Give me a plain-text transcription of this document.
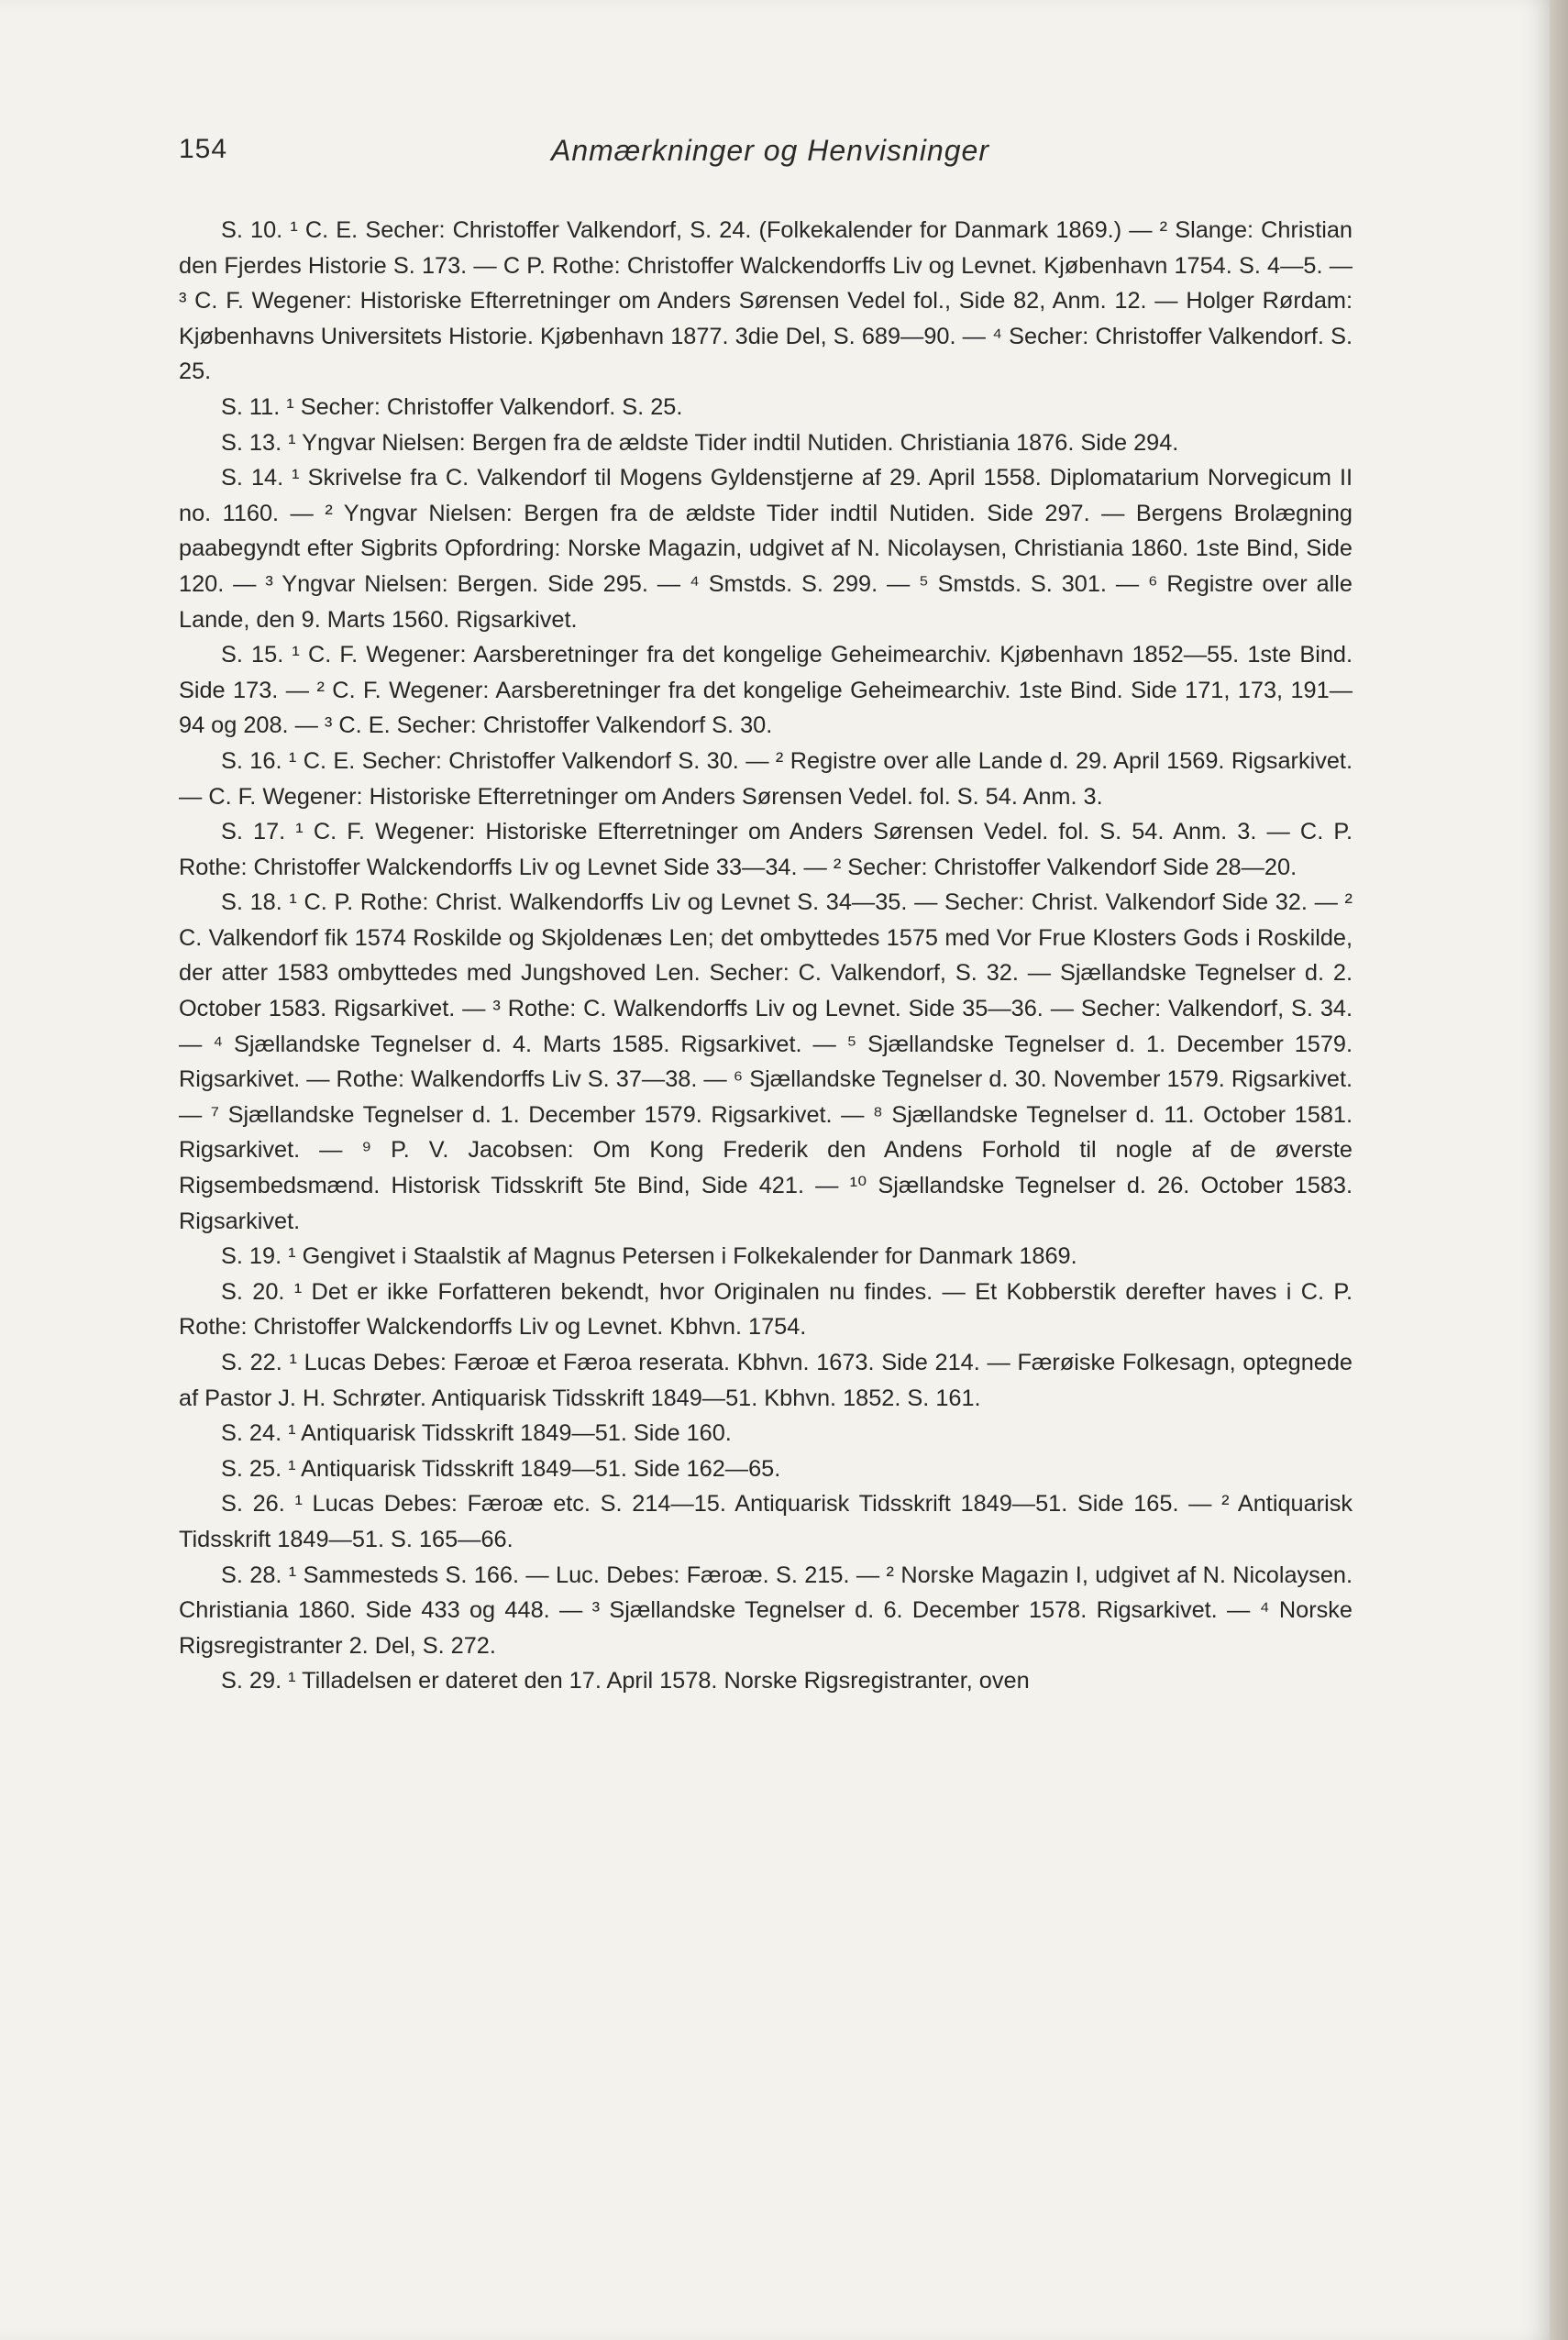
154	Anmærkninger og Henvisninger

S. 10. ¹ C. E. Secher: Christoffer Valkendorf, S. 24. (Folkekalender for Danmark 1869.) — ² Slange: Christian den Fjerdes Historie S. 173. — C P. Rothe: Christoffer Walckendorffs Liv og Levnet. Kjøbenhavn 1754. S. 4—5. — ³ C. F. Wegener: Historiske Efterretninger om Anders Sørensen Vedel fol., Side 82, Anm. 12. — Holger Rørdam: Kjøbenhavns Universitets Historie. Kjøbenhavn 1877. 3die Del, S. 689—90. — ⁴ Secher: Christoffer Valkendorf. S. 25.

S. 11. ¹ Secher: Christoffer Valkendorf. S. 25.

S. 13. ¹ Yngvar Nielsen: Bergen fra de ældste Tider indtil Nutiden. Christiania 1876. Side 294.

S. 14. ¹ Skrivelse fra C. Valkendorf til Mogens Gyldenstjerne af 29. April 1558. Diplomatarium Norvegicum II no. 1160. — ² Yngvar Nielsen: Bergen fra de ældste Tider indtil Nutiden. Side 297. — Bergens Brolægning paabegyndt efter Sigbrits Opfordring: Norske Magazin, udgivet af N. Nicolaysen, Christiania 1860. 1ste Bind, Side 120. — ³ Yngvar Nielsen: Bergen. Side 295. — ⁴ Smstds. S. 299. — ⁵ Smstds. S. 301. — ⁶ Registre over alle Lande, den 9. Marts 1560. Rigsarkivet.

S. 15. ¹ C. F. Wegener: Aarsberetninger fra det kongelige Geheimearchiv. Kjøbenhavn 1852—55. 1ste Bind. Side 173. — ² C. F. Wegener: Aarsberetninger fra det kongelige Geheimearchiv. 1ste Bind. Side 171, 173, 191—94 og 208. — ³ C. E. Secher: Christoffer Valkendorf S. 30.

S. 16. ¹ C. E. Secher: Christoffer Valkendorf S. 30. — ² Registre over alle Lande d. 29. April 1569. Rigsarkivet. — C. F. Wegener: Historiske Efterretninger om Anders Sørensen Vedel. fol. S. 54. Anm. 3.

S. 17. ¹ C. F. Wegener: Historiske Efterretninger om Anders Sørensen Vedel. fol. S. 54. Anm. 3. — C. P. Rothe: Christoffer Walckendorffs Liv og Levnet Side 33—34. — ² Secher: Christoffer Valkendorf Side 28—20.

S. 18. ¹ C. P. Rothe: Christ. Walkendorffs Liv og Levnet S. 34—35. — Secher: Christ. Valkendorf Side 32. — ² C. Valkendorf fik 1574 Roskilde og Skjoldenæs Len; det ombyttedes 1575 med Vor Frue Klosters Gods i Roskilde, der atter 1583 ombyttedes med Jungshoved Len. Secher: C. Valkendorf, S. 32. — Sjællandske Tegnelser d. 2. October 1583. Rigsarkivet. — ³ Rothe: C. Walkendorffs Liv og Levnet. Side 35—36. — Secher: Valkendorf, S. 34. — ⁴ Sjællandske Tegnelser d. 4. Marts 1585. Rigsarkivet. — ⁵ Sjællandske Tegnelser d. 1. December 1579. Rigsarkivet. — Rothe: Walkendorffs Liv S. 37—38. — ⁶ Sjællandske Tegnelser d. 30. November 1579. Rigsarkivet. — ⁷ Sjællandske Tegnelser d. 1. December 1579. Rigsarkivet. — ⁸ Sjællandske Tegnelser d. 11. October 1581. Rigsarkivet. — ⁹ P. V. Jacobsen: Om Kong Frederik den Andens Forhold til nogle af de øverste Rigsembedsmænd. Historisk Tidsskrift 5te Bind, Side 421. — ¹⁰ Sjællandske Tegnelser d. 26. October 1583. Rigsarkivet.

S. 19. ¹ Gengivet i Staalstik af Magnus Petersen i Folkekalender for Danmark 1869.

S. 20. ¹ Det er ikke Forfatteren bekendt, hvor Originalen nu findes. — Et Kobberstik derefter haves i C. P. Rothe: Christoffer Walckendorffs Liv og Levnet. Kbhvn. 1754.

S. 22. ¹ Lucas Debes: Færoæ et Færoa reserata. Kbhvn. 1673. Side 214. — Færøiske Folkesagn, optegnede af Pastor J. H. Schrøter. Antiquarisk Tidsskrift 1849—51. Kbhvn. 1852. S. 161.

S. 24. ¹ Antiquarisk Tidsskrift 1849—51. Side 160.

S. 25. ¹ Antiquarisk Tidsskrift 1849—51. Side 162—65.

S. 26. ¹ Lucas Debes: Færoæ etc. S. 214—15. Antiquarisk Tidsskrift 1849—51. Side 165. — ² Antiquarisk Tidsskrift 1849—51. S. 165—66.

S. 28. ¹ Sammesteds S. 166. — Luc. Debes: Færoæ. S. 215. — ² Norske Magazin I, udgivet af N. Nicolaysen. Christiania 1860. Side 433 og 448. — ³ Sjællandske Tegnelser d. 6. December 1578. Rigsarkivet. — ⁴ Norske Rigsregistranter 2. Del, S. 272.

S. 29. ¹ Tilladelsen er dateret den 17. April 1578. Norske Rigsregistranter, oven
